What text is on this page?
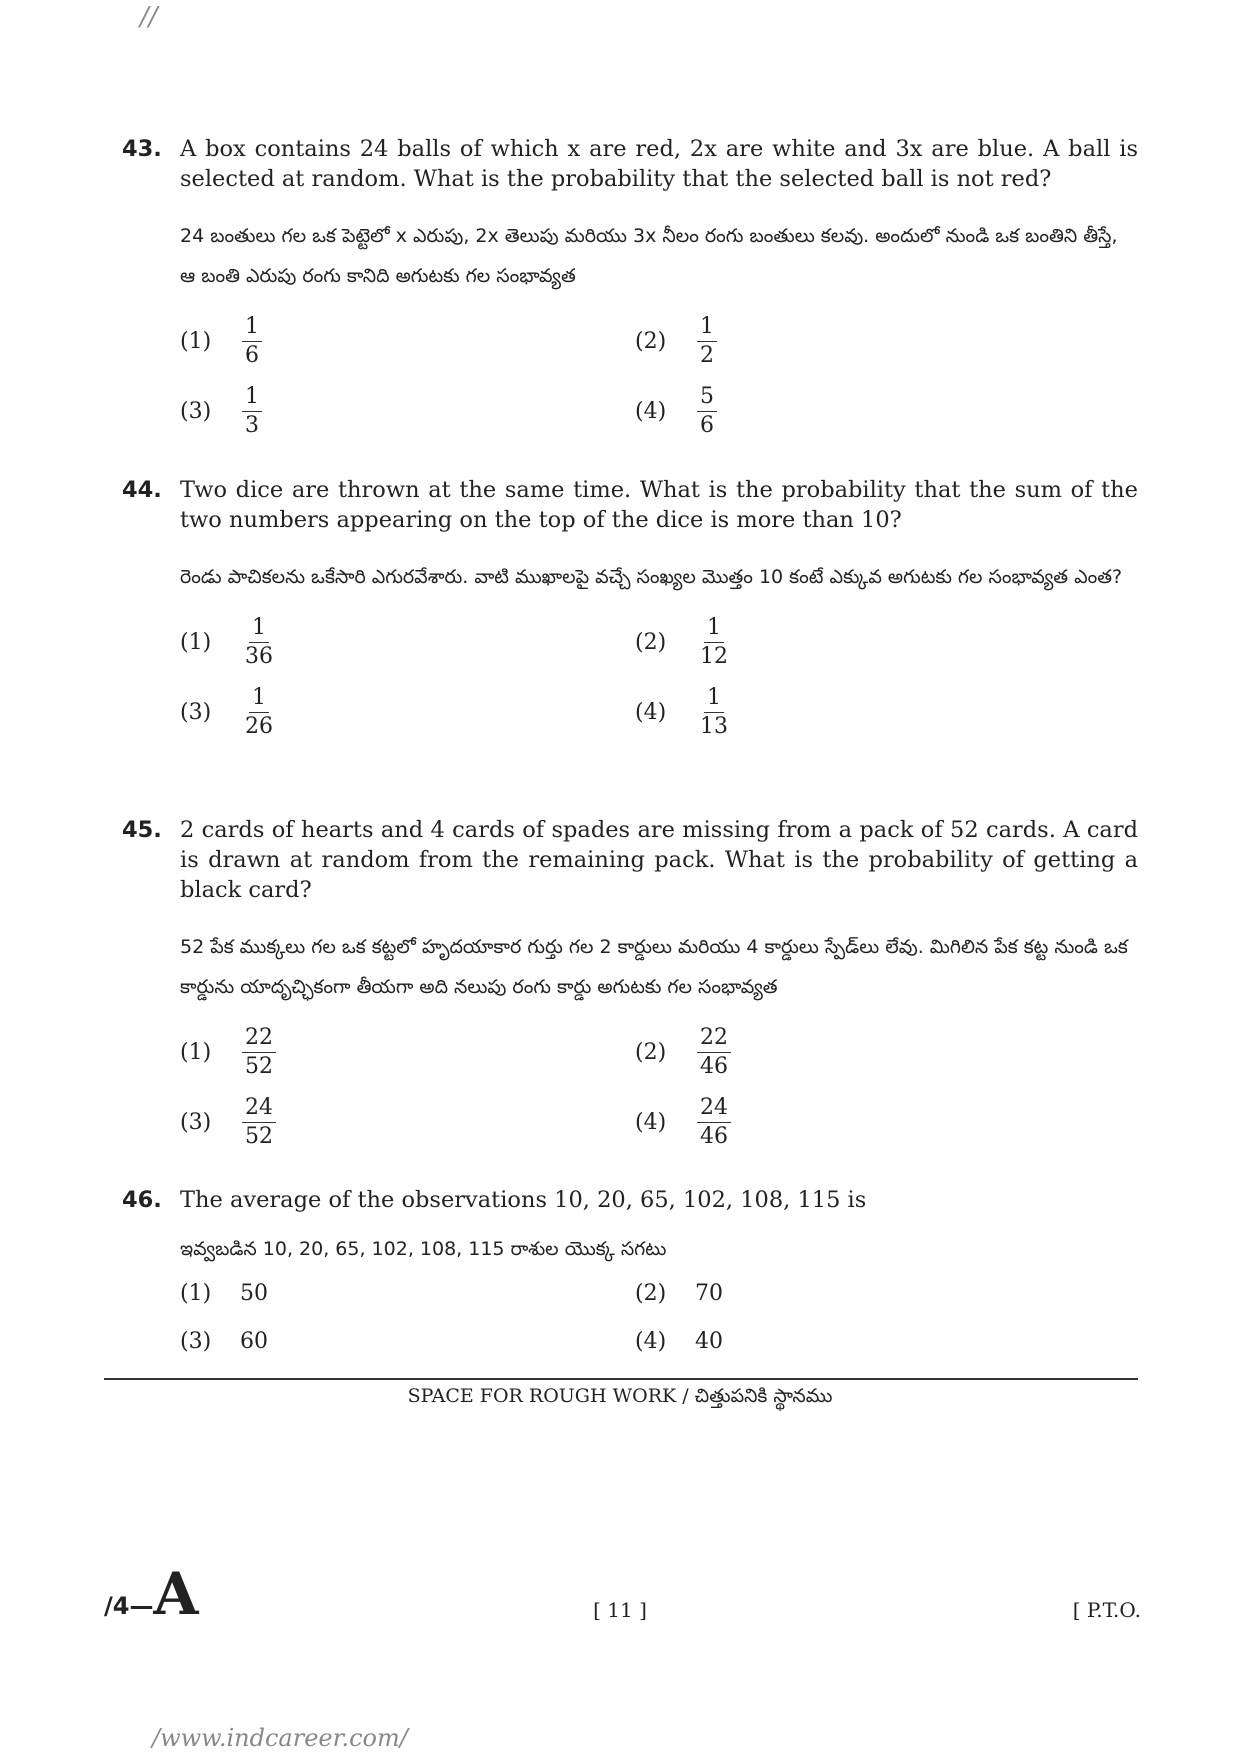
//
43. A box contains 24 balls of which x are red, 2x are white and 3x are blue. A ball is selected at random. What is the probability that the selected ball is not red?
24 బంతులు గల ఒక పెట్టెలో x ఎరుపు, 2x తెలుపు మరియు 3x నీలం రంగు బంతులు కలవు. అందులో నుండి ఒక బంతిని తీస్తే, ఆ బంతి ఎరుపు రంగు కానిది అగుటకు గల సంభావ్యత
(1)	$\frac{1}{6}$	(2)	$\frac{1}{2}$
(3)	$\frac{1}{3}$	(4)	$\frac{5}{6}$
44. Two dice are thrown at the same time. What is the probability that the sum of the two numbers appearing on the top of the dice is more than 10?
రెండు పాచికలను ఒకేసారి ఎగురవేశారు. వాటి ముఖాలపై వచ్చే సంఖ్యల మొత్తం 10 కంటే ఎక్కువ అగుటకు గల సంభావ్యత ఎంత?
(1)	$\frac{1}{36}$	(2)	$\frac{1}{12}$
(3)	$\frac{1}{26}$	(4)	$\frac{1}{13}$
45. 2 cards of hearts and 4 cards of spades are missing from a pack of 52 cards. A card is drawn at random from the remaining pack. What is the probability of getting a black card?
52 పేక ముక్కలు గల ఒక కట్టలో హృదయాకార గుర్తు గల 2 కార్డులు మరియు 4 కార్డులు స్పేడ్‌లు లేవు. మిగిలిన పేక కట్ట నుండి ఒక కార్డును యాదృచ్ఛికంగా తీయగా అది నలుపు రంగు కార్డు అగుటకు గల సంభావ్యత
(1)	$\frac{22}{52}$	(2)	$\frac{22}{46}$
(3)	$\frac{24}{52}$	(4)	$\frac{24}{46}$
46. The average of the observations 10, 20, 65, 102, 108, 115 is
ఇవ్వబడిన 10, 20, 65, 102, 108, 115 రాశుల యొక్క సగటు
(1)	50	(2)	70
(3)	60	(4)	40
SPACE FOR ROUGH WORK / చిత్తుపనికి స్థానము
/4—A	[ 11 ]	[ P.T.O.
/www.indcareer.com/
